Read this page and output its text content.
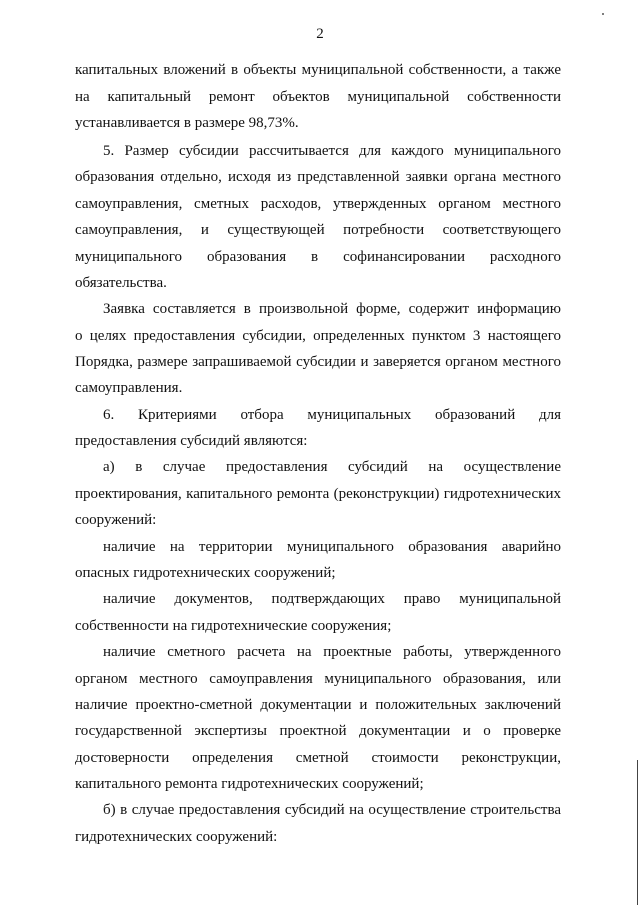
2
капитальных вложений в объекты муниципальной собственности, а также
на капитальный ремонт объектов муниципальной собственности
устанавливается в размере 98,73%.
5. Размер субсидии рассчитывается для каждого муниципального
образования отдельно, исходя из представленной заявки органа местного
самоуправления, сметных расходов, утвержденных органом местного
самоуправления, и существующей потребности соответствующего
муниципального образования в софинансировании расходного
обязательства.
Заявка составляется в произвольной форме, содержит информацию
о целях предоставления субсидии, определенных пунктом 3 настоящего
Порядка, размере запрашиваемой субсидии и заверяется органом местного
самоуправления.
6. Критериями отбора муниципальных образований для
предоставления субсидий являются:
а) в случае предоставления субсидий на осуществление
проектирования, капитального ремонта (реконструкции) гидротехнических
сооружений:
наличие на территории муниципального образования аварийно
опасных гидротехнических сооружений;
наличие документов, подтверждающих право муниципальной
собственности на гидротехнические сооружения;
наличие сметного расчета на проектные работы, утвержденного
органом местного самоуправления муниципального образования, или
наличие проектно-сметной документации и положительных заключений
государственной экспертизы проектной документации и о проверке
достоверности определения сметной стоимости реконструкции,
капитального ремонта гидротехнических сооружений;
б) в случае предоставления субсидий на осуществление строительства
гидротехнических сооружений:
